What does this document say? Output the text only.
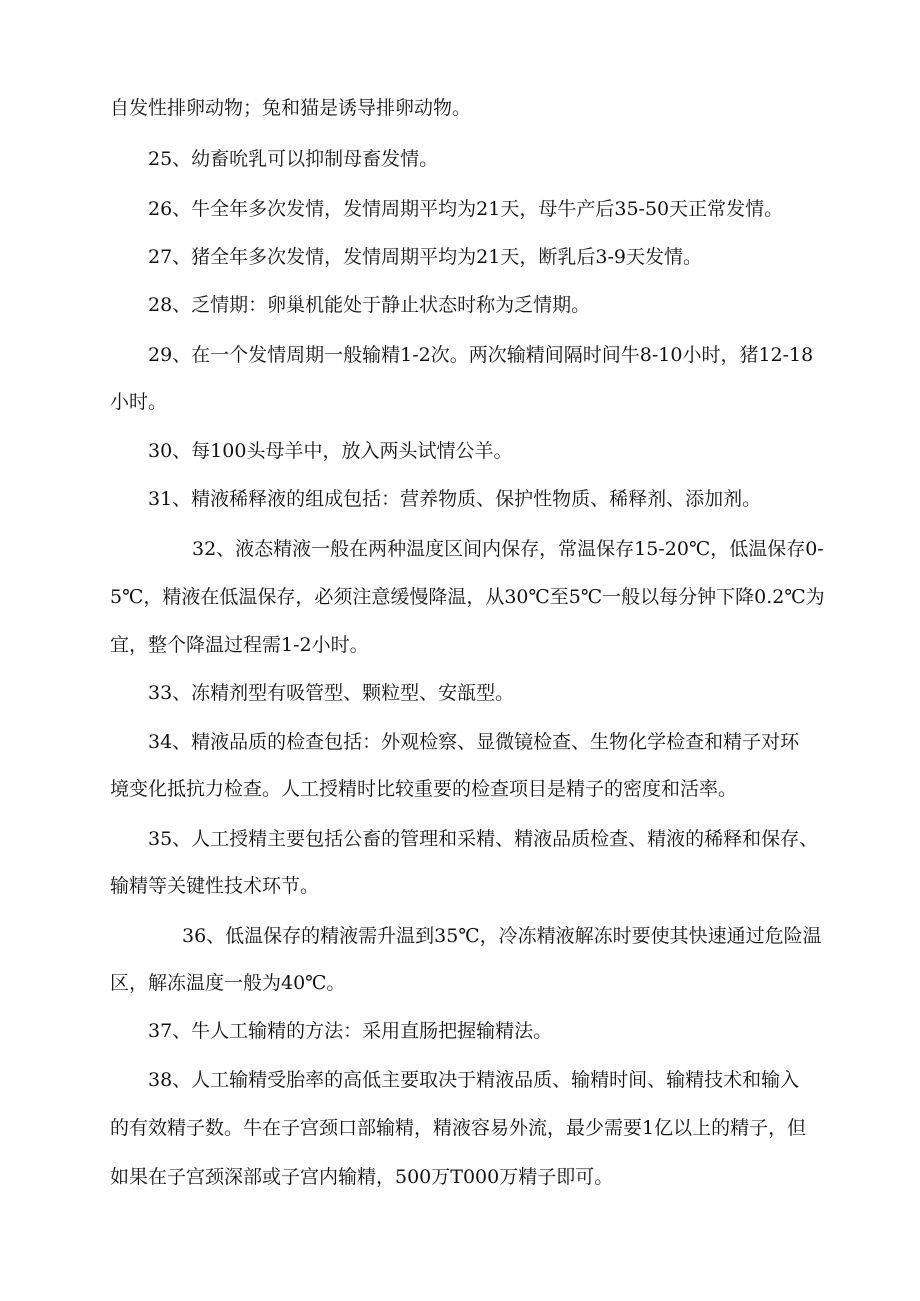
自发性排卵动物；兔和猫是诱导排卵动物。
25、幼畜吮乳可以抑制母畜发情。
26、牛全年多次发情，发情周期平均为21天，母牛产后35-50天正常发情。
27、猪全年多次发情，发情周期平均为21天，断乳后3-9天发情。
28、乏情期：卵巢机能处于静止状态时称为乏情期。
29、在一个发情周期一般输精1-2次。两次输精间隔时间牛8-10小时，猪12-18
小时。
30、每100头母羊中，放入两头试情公羊。
31、精液稀释液的组成包括：营养物质、保护性物质、稀释剂、添加剂。
32、液态精液一般在两种温度区间内保存，常温保存15-20℃，低温保存0-
5℃，精液在低温保存，必须注意缓慢降温，从30℃至5℃一般以每分钟下降0.2℃为
宜，整个降温过程需1-2小时。
33、冻精剂型有吸管型、颗粒型、安瓿型。
34、精液品质的检查包括：外观检察、显微镜检查、生物化学检查和精子对环
境变化抵抗力检查。人工授精时比较重要的检查项目是精子的密度和活率。
35、人工授精主要包括公畜的管理和采精、精液品质检查、精液的稀释和保存、
输精等关键性技术环节。
36、低温保存的精液需升温到35℃，冷冻精液解冻时要使其快速通过危险温
区，解冻温度一般为40℃。
37、牛人工输精的方法：采用直肠把握输精法。
38、人工输精受胎率的高低主要取决于精液品质、输精时间、输精技术和输入
的有效精子数。牛在子宫颈口部输精，精液容易外流，最少需要1亿以上的精子，但
如果在子宫颈深部或子宫内输精，500万T000万精子即可。
